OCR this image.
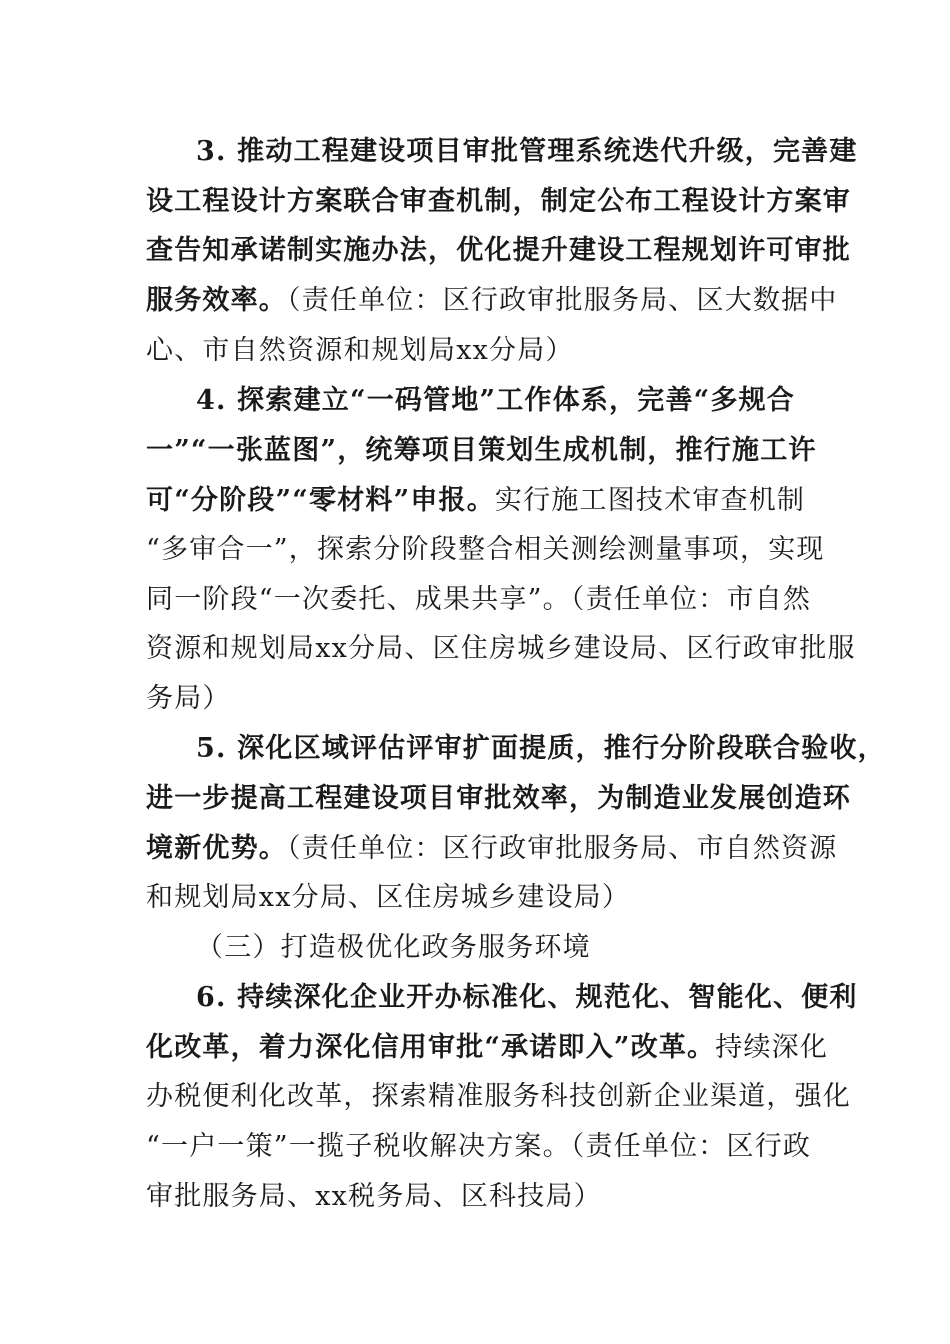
3. 推动工程建设项目审批管理系统迭代升级，完善建
设工程设计方案联合审查机制，制定公布工程设计方案审
查告知承诺制实施办法，优化提升建设工程规划许可审批
服务效率。（责任单位：区行政审批服务局、区大数据中
心、市自然资源和规划局xx分局）
4. 探索建立“一码管地”工作体系，完善“多规合
一”“一张蓝图”，统筹项目策划生成机制，推行施工许
可“分阶段”“零材料”申报。实行施工图技术审查机制
“多审合一”，探索分阶段整合相关测绘测量事项，实现
同一阶段“一次委托、成果共享”。（责任单位：市自然
资源和规划局xx分局、区住房城乡建设局、区行政审批服
务局）
5. 深化区域评估评审扩面提质，推行分阶段联合验收，
进一步提高工程建设项目审批效率，为制造业发展创造环
境新优势。（责任单位：区行政审批服务局、市自然资源
和规划局xx分局、区住房城乡建设局）
（三）打造极优化政务服务环境
6. 持续深化企业开办标准化、规范化、智能化、便利
化改革，着力深化信用审批“承诺即入”改革。持续深化
办税便利化改革，探索精准服务科技创新企业渠道，强化
“一户一策”一揽子税收解决方案。（责任单位：区行政
审批服务局、xx税务局、区科技局）
